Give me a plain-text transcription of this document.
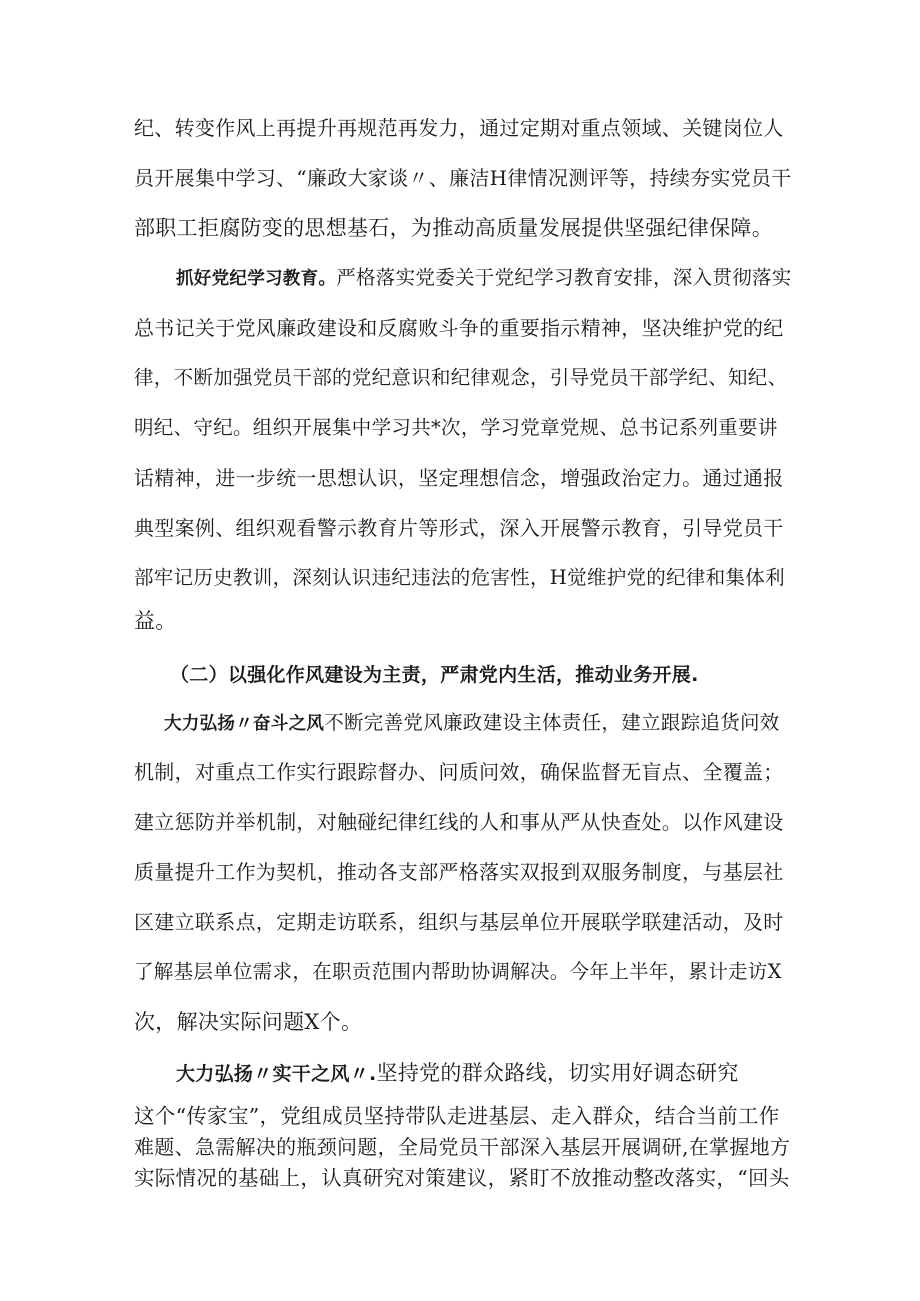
纪、转变作风上再提升再规范再发力，通过定期对重点领域、关键岗位人
员开展集中学习、“廉政大家谈〃、廉洁H律情况测评等，持续夯实党员干
部职工拒腐防变的思想基石，为推动高质量发展提供坚强纪律保障。
抓好党纪学习教育。严格落实党委关于党纪学习教育安排，深入贯彻落实
总书记关于党风廉政建设和反腐败斗争的重要指示精神，坚决维护党的纪
律，不断加强党员干部的党纪意识和纪律观念，引导党员干部学纪、知纪、
明纪、守纪。组织开展集中学习共*次，学习党章党规、总书记系列重要讲
话精神，进一步统一思想认识，坚定理想信念，增强政治定力。通过通报
典型案例、组织观看警示教育片等形式，深入开展警示教育，引导党员干
部牢记历史教训，深刻认识违纪违法的危害性，H觉维护党的纪律和集体利
益。
（二）以强化作风建设为主责，严肃党内生活，推动业务开展.
大力弘扬〃奋斗之风不断完善党风廉政建设主体责任，建立跟踪追货问效
机制，对重点工作实行跟踪督办、问质问效，确保监督无盲点、全覆盖；
建立惩防并举机制，对触碰纪律红线的人和事从严从快查处。以作风建设
质量提升工作为契机，推动各支部严格落实双报到双服务制度，与基层社
区建立联系点，定期走访联系，组织与基层单位开展联学联建活动，及时
了解基层单位需求，在职贡范围内帮助协调解决。今年上半年，累计走访X
次，解决实际问题X个。
大力弘扬〃实干之风〃.坚持党的群众路线，切实用好调态研究
这个“传家宝”，党组成员坚持带队走进基层、走入群众，结合当前工作
难题、急需解决的瓶颈问题，全局党员干部深入基层开展调研,在掌握地方
实际情况的基础上，认真研究对策建议，紧盯不放推动整改落实，“回头
